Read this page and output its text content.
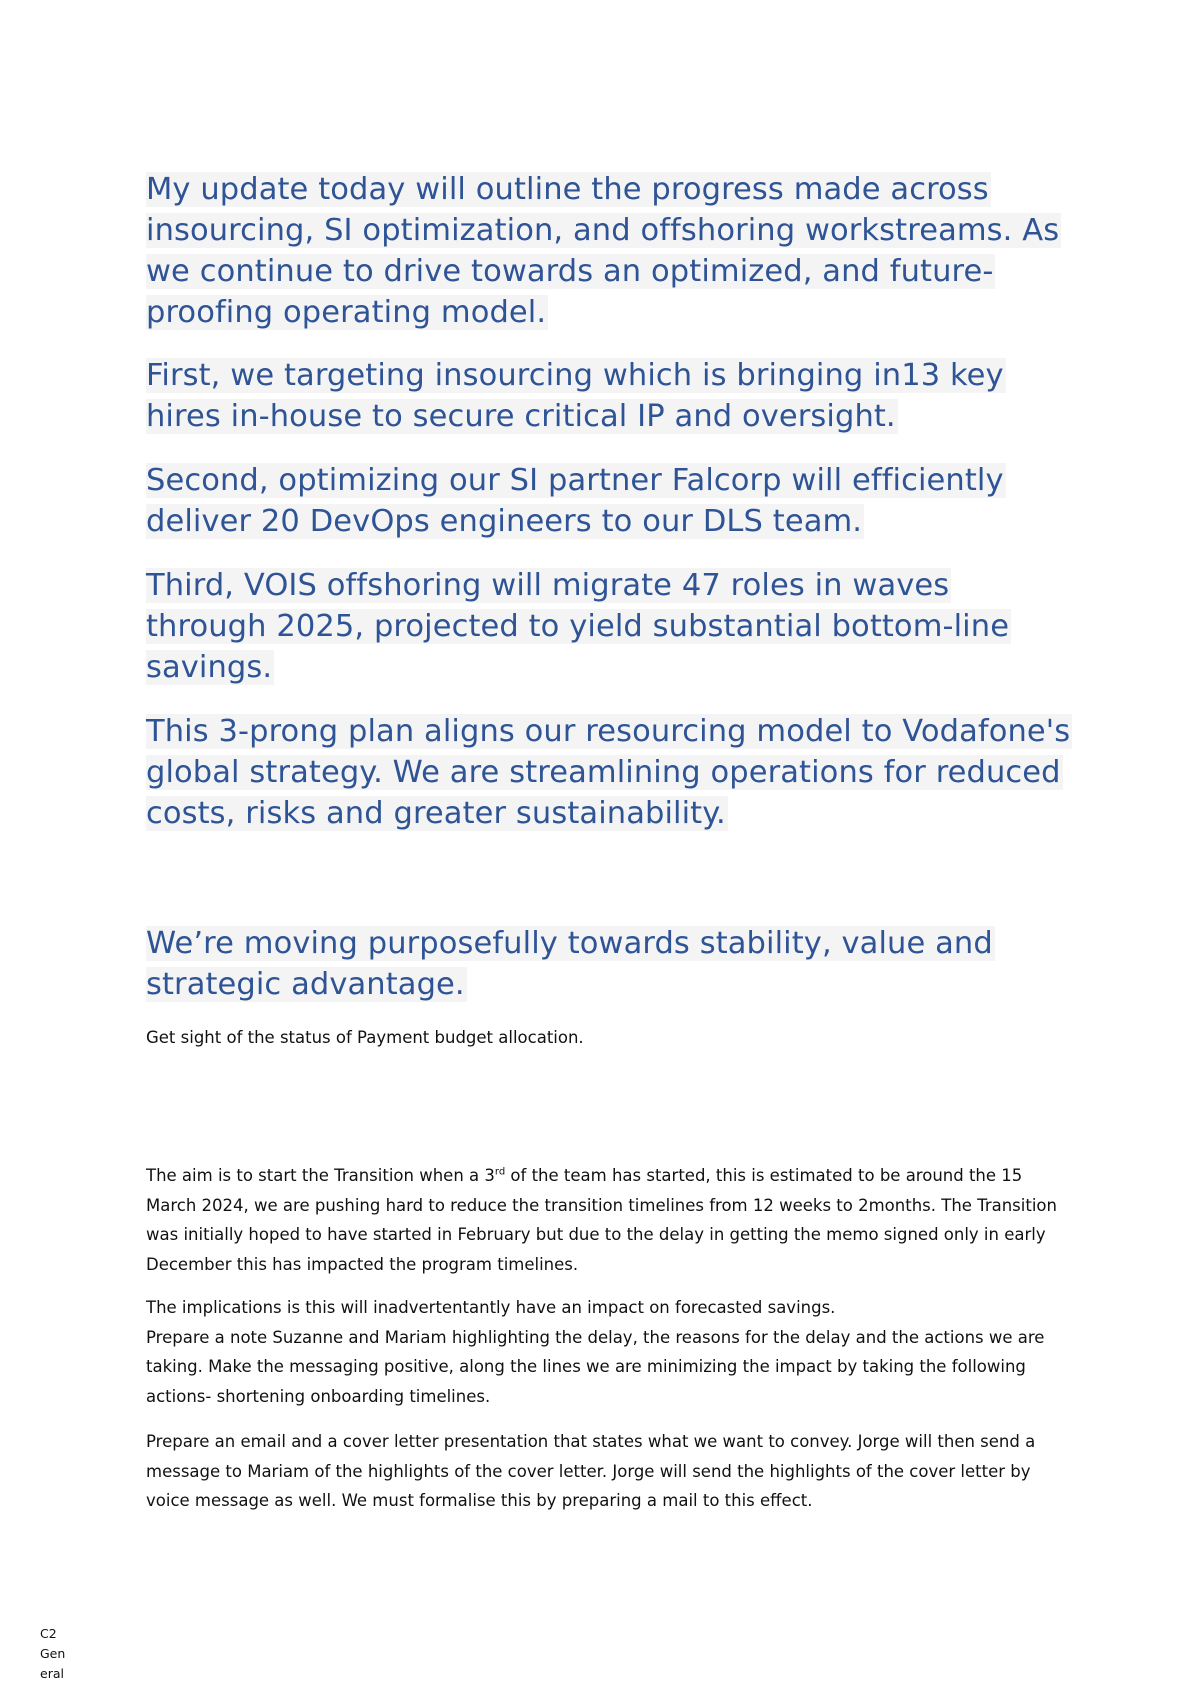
My update today will outline the progress made across insourcing, SI optimization, and offshoring workstreams. As we continue to drive towards an optimized, and future-proofing operating model.

First, we targeting insourcing which is bringing in13 key hires in-house to secure critical IP and oversight.

Second, optimizing our SI partner Falcorp will efficiently deliver 20 DevOps engineers to our DLS team.

Third, VOIS offshoring will migrate 47 roles in waves through 2025, projected to yield substantial bottom-line savings.

This 3-prong plan aligns our resourcing model to Vodafone's global strategy. We are streamlining operations for reduced costs, risks and greater sustainability.

We’re moving purposefully towards stability, value and strategic advantage.

Get sight of the status of Payment budget allocation.

The aim is to start the Transition when a 3rd of the team has started, this is estimated to be around the 15 March 2024, we are pushing hard to reduce the transition timelines from 12 weeks to 2months. The Transition was initially hoped to have started in February but due to the delay in getting the memo signed only in early December this has impacted the program timelines.

The implications is this will inadvertentantly have an impact on forecasted savings.

Prepare a note Suzanne and Mariam highlighting the delay, the reasons for the delay and the actions we are taking. Make the messaging positive, along the lines we are minimizing the impact by taking the following actions- shortening onboarding timelines.

Prepare an email and a cover letter presentation that states what we want to convey. Jorge will then send a message to Mariam of the highlights of the cover letter. Jorge will send the highlights of the cover letter by voice message as well. We must formalise this by preparing a mail to this effect.

C2 General
